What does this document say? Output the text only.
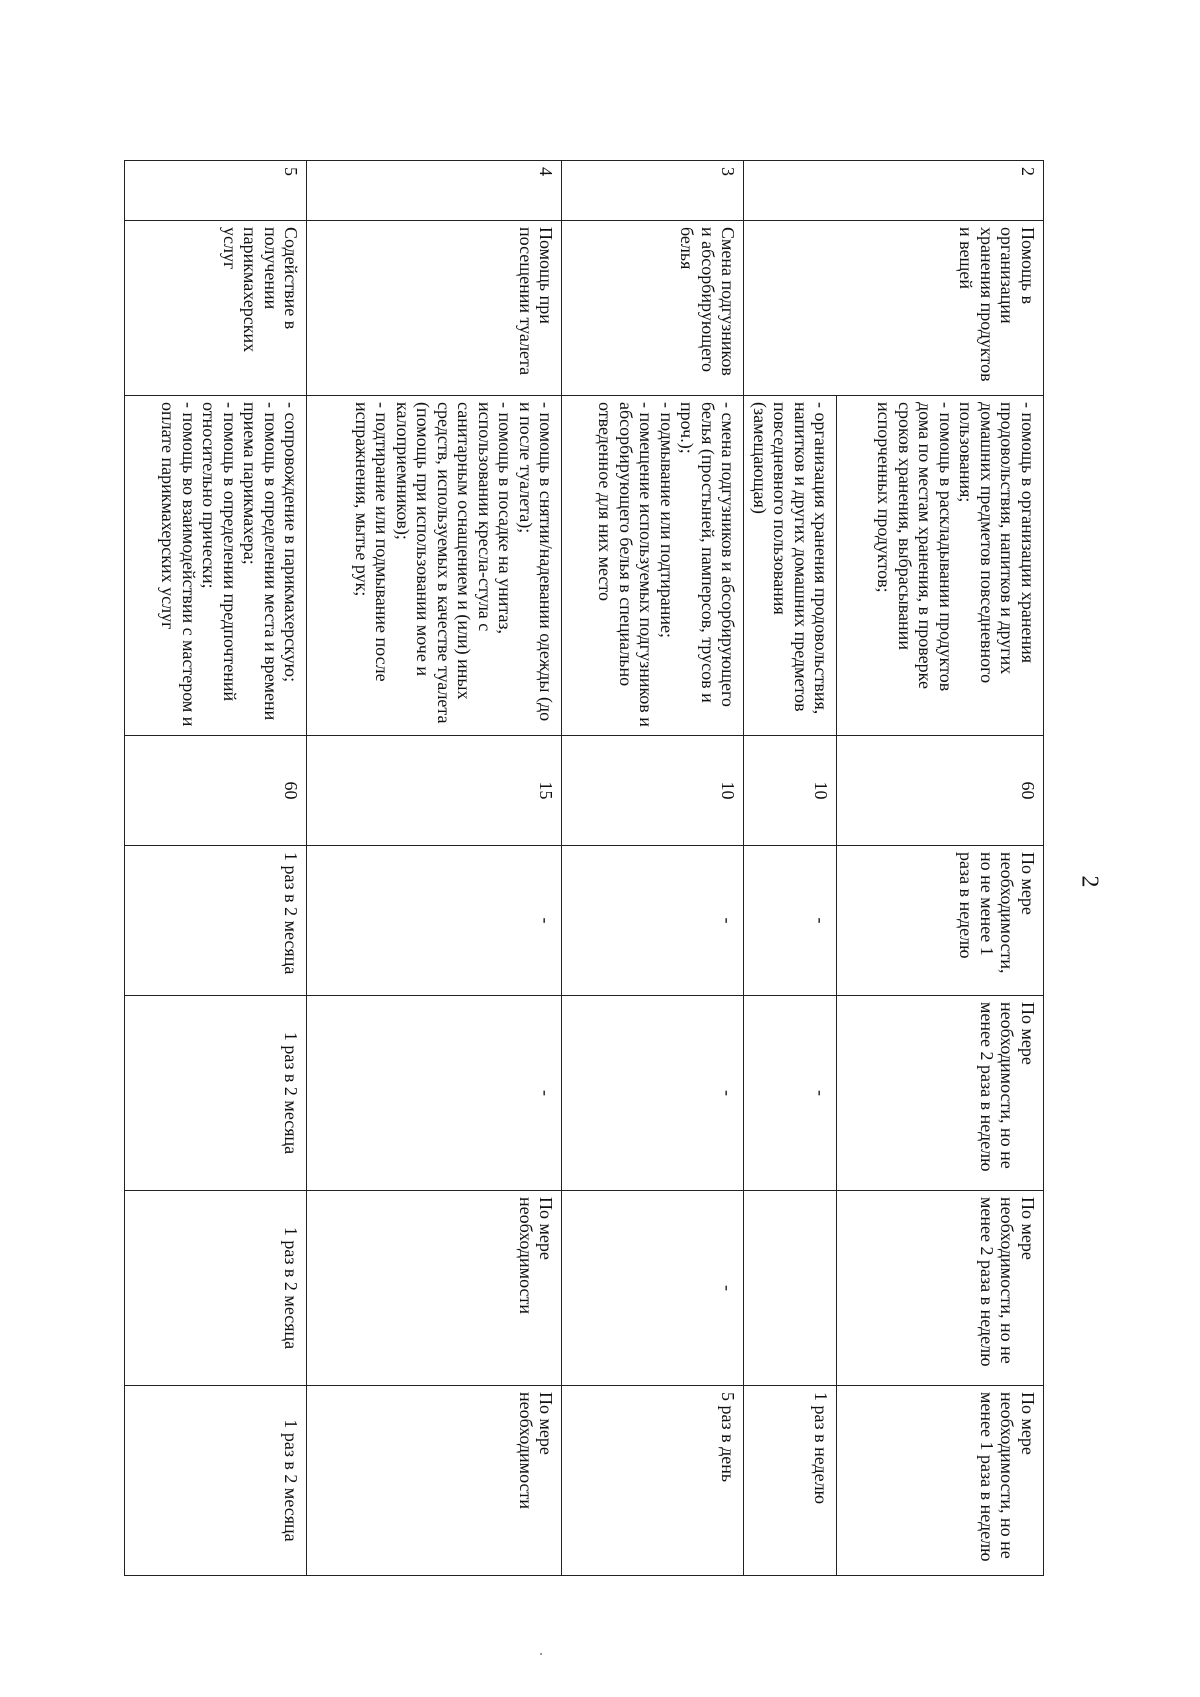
2
2	Помощь в организации хранения продуктов и вещей	- помощь в организации хранения продовольствия, напитков и других домашних предметов повседневного пользования;
- помощь в раскладывании продуктов дома по местам хранения, в проверке сроков хранения, выбрасывании испорченных продуктов;	60	По мере необходимости, но не менее 1 раза в неделю	По мере необходимости, но не менее 2 раза в неделю	По мере необходимости, но не менее 2 раза в неделю	По мере необходимости, но не менее 1 раза в неделю

		- организация хранения продовольствия, напитков и других домашних предметов повседневного пользования (замещающая)	10	-	-		1 раз в неделю
3	Смена подгузников и абсорбирующего белья	- смена подгузников и абсорбирующего белья (простыней, памперсов, трусов и проч.);
- подмывание или подтирание;
- помещение используемых подгузников и абсорбирующего белья в специально отведенное для них место	10	-	-	-	5 раз в день
4	Помощь при посещении туалета	- помощь в снятии/надевании одежды (до и после туалета);
- помощь в посадке на унитаз, использовании кресла-стула с санитарным оснащением и (или) иных средств, используемых в качестве туалета (помощь при использовании моче и калоприемников);
- подтирание или подмывание после испражнения, мытье рук;	15	-	-	По мере необходимости	По мере необходимости
5	Содействие в получении парикмахерских услуг	- сопровождение в парикмахерскую;
- помощь в определении места и времени приема парикмахера;
- помощь в определении предпочтений относительно прически;
- помощь во взаимодействии с мастером и оплате парикмахерских услуг	60	1 раз в 2 месяца	1 раз в 2 месяца	1 раз в 2 месяца	1 раз в 2 месяца
